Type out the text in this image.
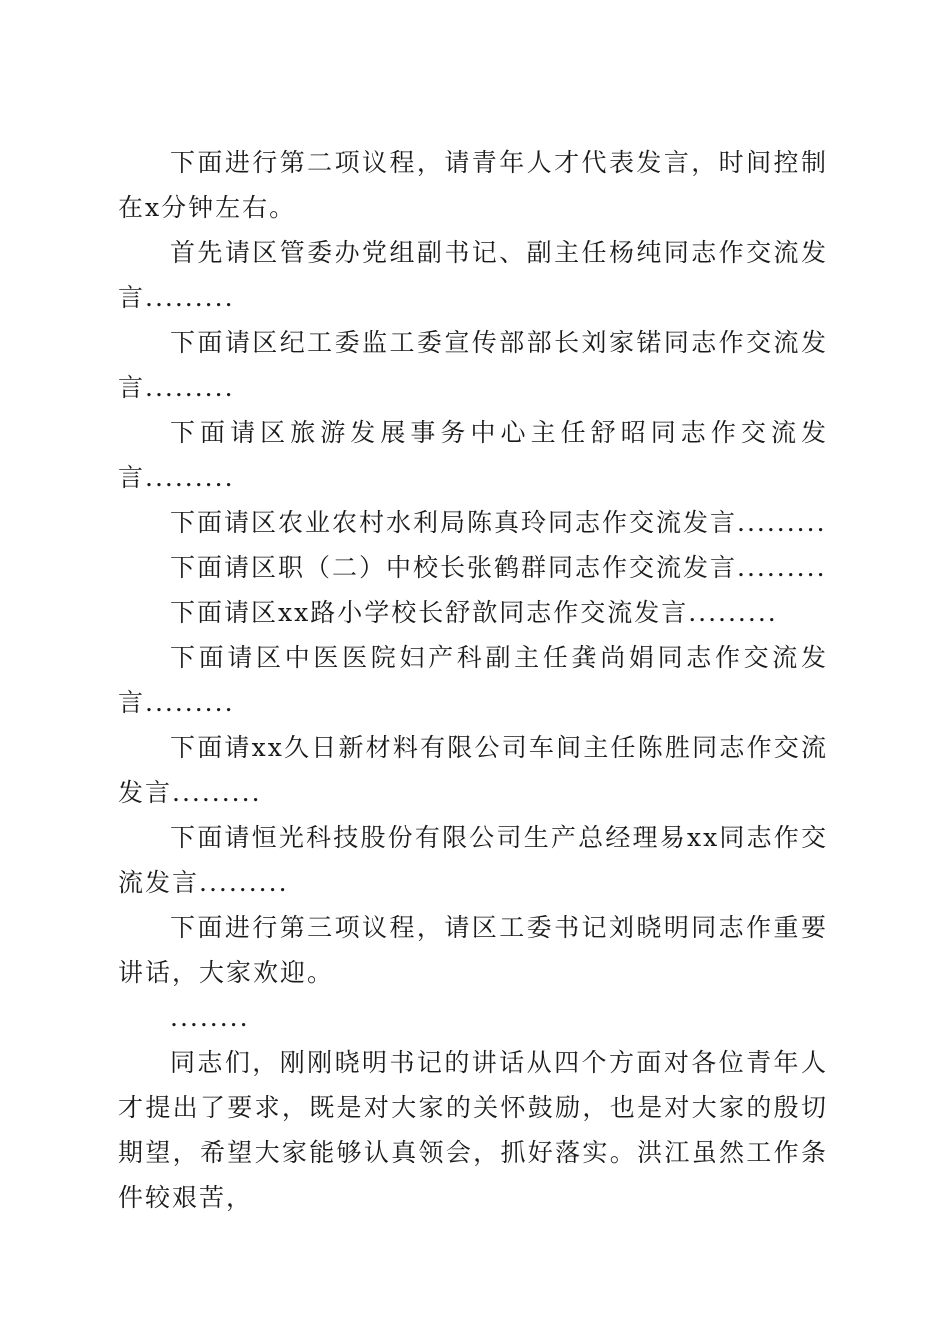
下面进行第二项议程，请青年人才代表发言，时间控制在x分钟左右。

首先请区管委办党组副书记、副主任杨纯同志作交流发言.........

下面请区纪工委监工委宣传部部长刘家锘同志作交流发言.........

下面请区旅游发展事务中心主任舒昭同志作交流发言.........

下面请区农业农村水利局陈真玲同志作交流发言.........

下面请区职（二）中校长张鹤群同志作交流发言.........

下面请区xx路小学校长舒歆同志作交流发言.........

下面请区中医医院妇产科副主任龚尚娟同志作交流发言.........

下面请xx久日新材料有限公司车间主任陈胜同志作交流发言.........

下面请恒光科技股份有限公司生产总经理易xx同志作交流发言.........

下面进行第三项议程，请区工委书记刘晓明同志作重要讲话，大家欢迎。

........

同志们，刚刚晓明书记的讲话从四个方面对各位青年人才提出了要求，既是对大家的关怀鼓励，也是对大家的殷切期望，希望大家能够认真领会，抓好落实。洪江虽然工作条件较艰苦，
